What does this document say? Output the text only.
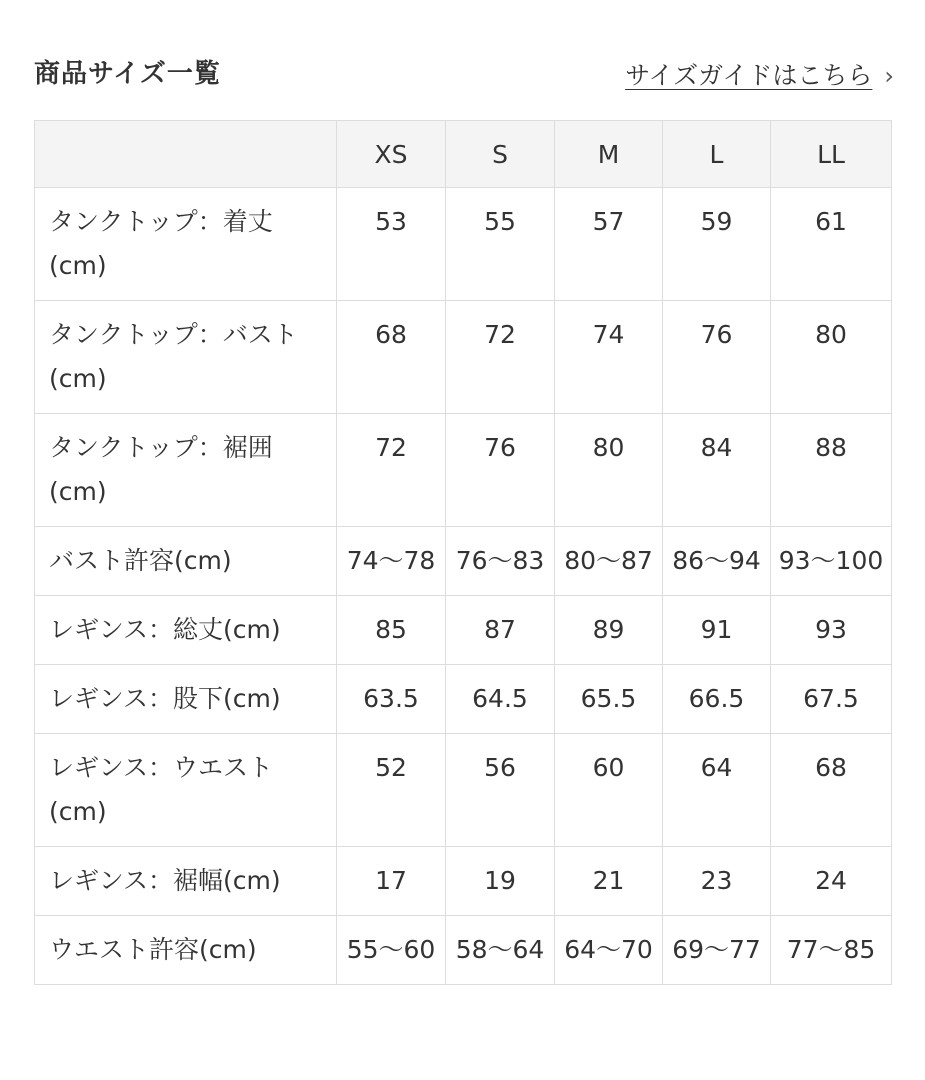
商品サイズ一覧	サイズガイドはこちら ›
	XS	S	M	L	LL
タンクトップ：着丈(cm)	53	55	57	59	61
タンクトップ：バスト(cm)	68	72	74	76	80
タンクトップ：裾囲(cm)	72	76	80	84	88
バスト許容(cm)	74〜78	76〜83	80〜87	86〜94	93〜100
レギンス：総丈(cm)	85	87	89	91	93
レギンス：股下(cm)	63.5	64.5	65.5	66.5	67.5
レギンス：ウエスト(cm)	52	56	60	64	68
レギンス：裾幅(cm)	17	19	21	23	24
ウエスト許容(cm)	55〜60	58〜64	64〜70	69〜77	77〜85
